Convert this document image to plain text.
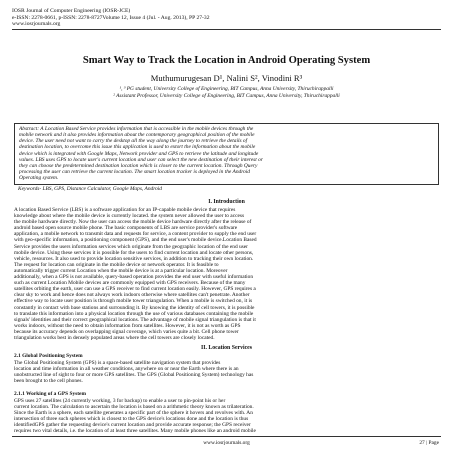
IOSR Journal of Computer Engineering (IOSR-JCE)
e-ISSN: 2278-0661, p-ISSN: 2278-8727Volume 12, Issue 4 (Jul. - Aug. 2013), PP 27-32
www.iosrjournals.org
Smart Way to Track the Location in Android Operating System
Muthumurugesan D¹, Nalini S², Vinodini R³
¹, ³ PG student, University College of Engineering, BIT Campus, Anna University, Thiruchirappalli
² Assistant Professor, University College of Engineering, BIT Campus, Anna University, Thiruchirappalli
Abstract: A Location Based Service provides information that is accessible in the mobile devices through the
mobile network and it also provides information about the contemporary geographical position of the mobile
device. The user need not want to carry the desktop all the way along the journey to retrieve the details of
destination location, to overcome this issue this application is used to extort the information about the mobile
device which is integrated with Google Maps, Network provider and GPS to retrieve the latitude and longitude
values. LBS uses GPS to locate user's current location and user can select the new destination of their interest or
they can choose the predetermined destination location which is closer to the current location. Through Query
processing the user can retrieve the current location. The smart location tracker is deployed in the Android
Operating system.
Keywords- LBS, GPS, Distance Calculator, Google Maps, Android
I. Introduction
A location Based Service (LBS) is a software application for an IP-capable mobile device that requires
knowledge about where the mobile device is currently located. the system never allowed the user to access
the mobile hardware directly. Now the user can access the mobile device hardware directly after the release of
android based open source mobile phone. The basic components of LBS are service provider's software
application, a mobile network to transmit data and requests for service, a content provider to supply the end user
with geo-specific information, a positioning component (GPS), and the end user's mobile device.Location Based
Service provides the users information services which originate from the geographic location of the end user
mobile device. Using these services it is possible for the users to find current location and locate other persons,
vehicle, resources. It also used to provide location sensitive services, in addition to tracking their own location.
The request for location can originate in the mobile device or network operator. It is feasible to
automatically trigger current Location when the mobile device is at a particular location. Moreover
additionally, when a GPS is not available, query-based operation provides the end user with useful information
such as current Location Mobile devices are commonly equipped with GPS receivers. Because of the many
satellites orbiting the earth, user can use a GPS receiver to find current location easily. However, GPS requires a
clear sky to work and hence does not always work indoors otherwise where satellites can't penetrate. Another
effective way to locate user position is through mobile tower triangulation. When a mobile is switched on, it is
constantly in contact with base stations and surrounding it. By knowing the identity of cell towers, it is possible
to translate this information into a physical location through the use of various databases containing the mobile
signals' identities and their correct geographical locations. The advantage of mobile signal triangulation is that it
works indoors, without the need to obtain information from satellites. However, it is not as worth as GPS
because its accuracy depends on overlapping signal coverage, which varies quite a bit. Cell phone tower
triangulation works best in densely populated areas where the cell towers are closely located.
II. Location Services
2.1 Global Positioning System
The Global Positioning System (GPS) is a space-based satellite navigation system that provides
location and time information in all weather conditions, anywhere on or near the Earth where there is an
unobstructed line of sight to four or more GPS satellites. The GPS (Global Positioning System) technology has
been brought to the cell phones.
2.1.1 Working of a GPS System
GPS uses 27 satellites (24 currently working, 3 for backup) to enable a user to pin-point his or her
current location. The calculation to ascertain the location is based on a arithmetic theory known as trilateration.
Since the Earth is a sphere, each satellite generates a specific part of the sphere it hovers and revolves with. An
intersection of three such spheres which is closest to the GPS device's locations done and the location is thus
identifiedGPS gather the requesting device's current location and provide accurate response; the GPS receiver
requires two vital details, i.e. the location of at least three satellites. Many mobile phones like an android mobile
www.iosrjournals.org	27 | Page
